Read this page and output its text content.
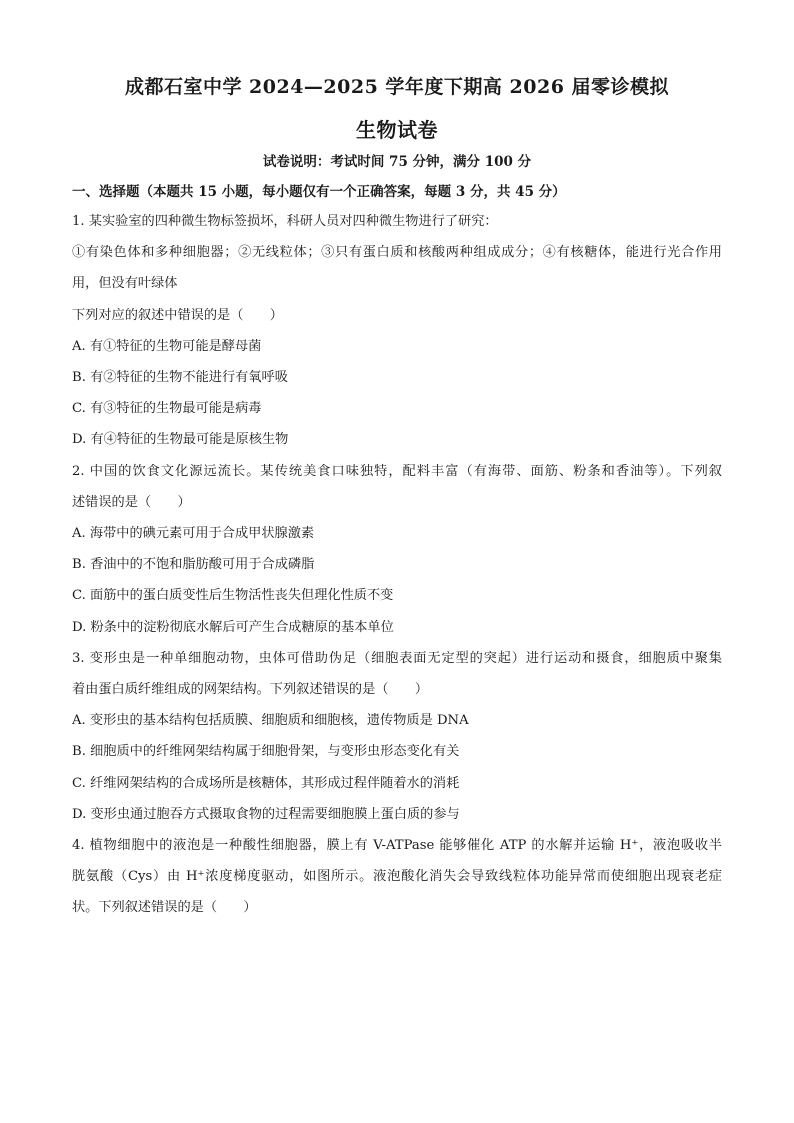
成都石室中学 2024—2025 学年度下期高 2026 届零诊模拟
生物试卷
试卷说明：考试时间 75 分钟，满分 100 分
一、选择题（本题共 15 小题，每小题仅有一个正确答案，每题 3 分，共 45 分）
1. 某实验室的四种微生物标签损坏，科研人员对四种微生物进行了研究：
①有染色体和多种细胞器；②无线粒体；③只有蛋白质和核酸两种组成成分；④有核糖体，能进行光合作用
用，但没有叶绿体
下列对应的叙述中错误的是（　　）
A. 有①特征的生物可能是酵母菌
B. 有②特征的生物不能进行有氧呼吸
C. 有③特征的生物最可能是病毒
D. 有④特征的生物最可能是原核生物
2. 中国的饮食文化源远流长。某传统美食口味独特，配料丰富（有海带、面筋、粉条和香油等）。下列叙
述错误的是（　　）
A. 海带中的碘元素可用于合成甲状腺激素
B. 香油中的不饱和脂肪酸可用于合成磷脂
C. 面筋中的蛋白质变性后生物活性丧失但理化性质不变
D. 粉条中的淀粉彻底水解后可产生合成糖原的基本单位
3. 变形虫是一种单细胞动物，虫体可借助伪足（细胞表面无定型的突起）进行运动和摄食，细胞质中聚集
着由蛋白质纤维组成的网架结构。下列叙述错误的是（　　）
A. 变形虫的基本结构包括质膜、细胞质和细胞核，遗传物质是 DNA
B. 细胞质中的纤维网架结构属于细胞骨架，与变形虫形态变化有关
C. 纤维网架结构的合成场所是核糖体，其形成过程伴随着水的消耗
D. 变形虫通过胞吞方式摄取食物的过程需要细胞膜上蛋白质的参与
4. 植物细胞中的液泡是一种酸性细胞器，膜上有 V-ATPase 能够催化 ATP 的水解并运输 H⁺，液泡吸收半
胱氨酸（Cys）由 H⁺浓度梯度驱动，如图所示。液泡酸化消失会导致线粒体功能异常而使细胞出现衰老症
状。下列叙述错误的是（　　）
